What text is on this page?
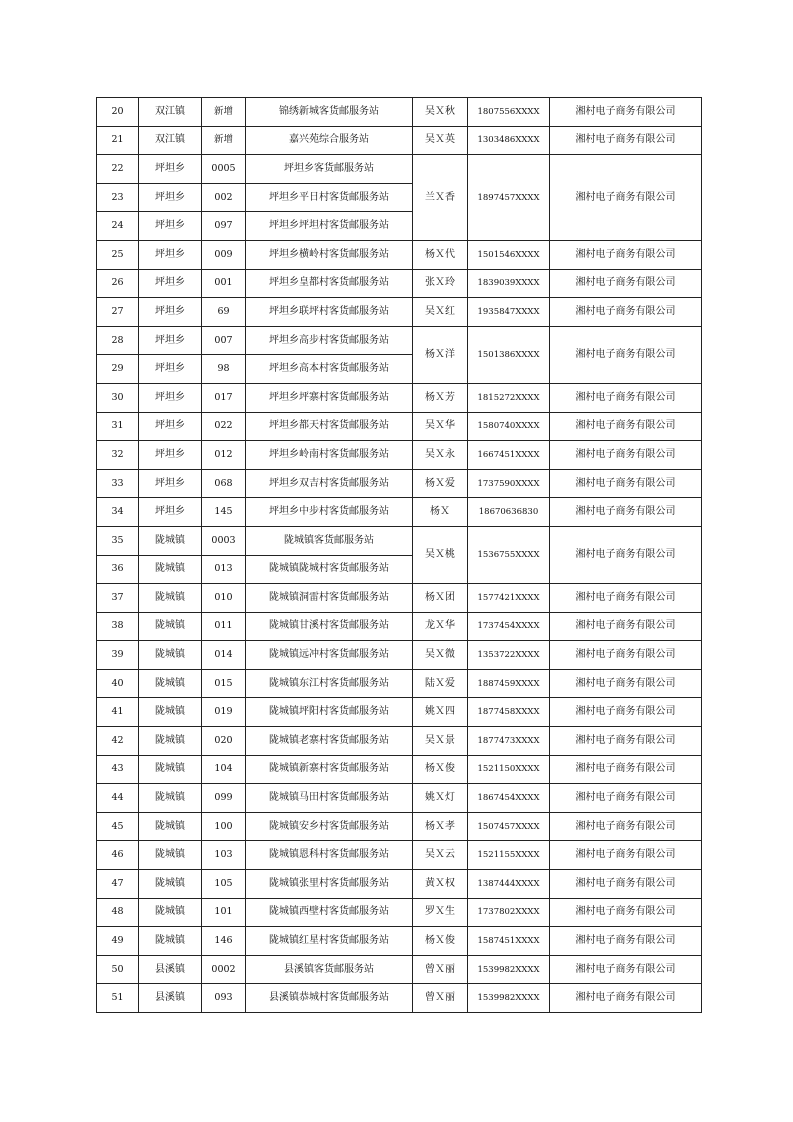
20	双江镇	新增	锦绣新城客货邮服务站	吴Ｘ秋	1807556XXXX	湘村电子商务有限公司
21	双江镇	新增	嘉兴苑综合服务站	吴Ｘ英	1303486XXXX	湘村电子商务有限公司
22	坪坦乡	0005	坪坦乡客货邮服务站	兰Ｘ香	1897457XXXX	湘村电子商务有限公司
23	坪坦乡	002	坪坦乡平日村客货邮服务站			
24	坪坦乡	097	坪坦乡坪坦村客货邮服务站			
25	坪坦乡	009	坪坦乡横岭村客货邮服务站	杨Ｘ代	1501546XXXX	湘村电子商务有限公司
26	坪坦乡	001	坪坦乡皇都村客货邮服务站	张Ｘ玲	1839039XXXX	湘村电子商务有限公司
27	坪坦乡	69	坪坦乡联坪村客货邮服务站	吴Ｘ红	1935847XXXX	湘村电子商务有限公司
28	坪坦乡	007	坪坦乡高步村客货邮服务站	杨Ｘ洋	1501386XXXX	湘村电子商务有限公司
29	坪坦乡	98	坪坦乡高本村客货邮服务站			
30	坪坦乡	017	坪坦乡坪寨村客货邮服务站	杨Ｘ芳	1815272XXXX	湘村电子商务有限公司
31	坪坦乡	022	坪坦乡都天村客货邮服务站	吴Ｘ华	1580740XXXX	湘村电子商务有限公司
32	坪坦乡	012	坪坦乡岭南村客货邮服务站	吴Ｘ永	1667451XXXX	湘村电子商务有限公司
33	坪坦乡	068	坪坦乡双吉村客货邮服务站	杨Ｘ爱	1737590XXXX	湘村电子商务有限公司
34	坪坦乡	145	坪坦乡中步村客货邮服务站	杨Ｘ	18670636830	湘村电子商务有限公司
35	陇城镇	0003	陇城镇客货邮服务站	吴Ｘ桃	1536755XXXX	湘村电子商务有限公司
36	陇城镇	013	陇城镇陇城村客货邮服务站			
37	陇城镇	010	陇城镇洞雷村客货邮服务站	杨Ｘ团	1577421XXXX	湘村电子商务有限公司
38	陇城镇	011	陇城镇甘溪村客货邮服务站	龙Ｘ华	1737454XXXX	湘村电子商务有限公司
39	陇城镇	014	陇城镇远冲村客货邮服务站	吴Ｘ微	1353722XXXX	湘村电子商务有限公司
40	陇城镇	015	陇城镇东江村客货邮服务站	陆Ｘ爱	1887459XXXX	湘村电子商务有限公司
41	陇城镇	019	陇城镇坪阳村客货邮服务站	姚Ｘ四	1877458XXXX	湘村电子商务有限公司
42	陇城镇	020	陇城镇老寨村客货邮服务站	吴Ｘ景	1877473XXXX	湘村电子商务有限公司
43	陇城镇	104	陇城镇新寨村客货邮服务站	杨Ｘ俊	1521150XXXX	湘村电子商务有限公司
44	陇城镇	099	陇城镇马田村客货邮服务站	姚Ｘ灯	1867454XXXX	湘村电子商务有限公司
45	陇城镇	100	陇城镇安乡村客货邮服务站	杨Ｘ孝	1507457XXXX	湘村电子商务有限公司
46	陇城镇	103	陇城镇恩科村客货邮服务站	吴Ｘ云	1521155XXXX	湘村电子商务有限公司
47	陇城镇	105	陇城镇张里村客货邮服务站	黄Ｘ权	1387444XXXX	湘村电子商务有限公司
48	陇城镇	101	陇城镇西壁村客货邮服务站	罗Ｘ生	1737802XXXX	湘村电子商务有限公司
49	陇城镇	146	陇城镇红星村客货邮服务站	杨Ｘ俊	1587451XXXX	湘村电子商务有限公司
50	县溪镇	0002	县溪镇客货邮服务站	曾Ｘ丽	1539982XXXX	湘村电子商务有限公司
51	县溪镇	093	县溪镇恭城村客货邮服务站	曾Ｘ丽	1539982XXXX	湘村电子商务有限公司
